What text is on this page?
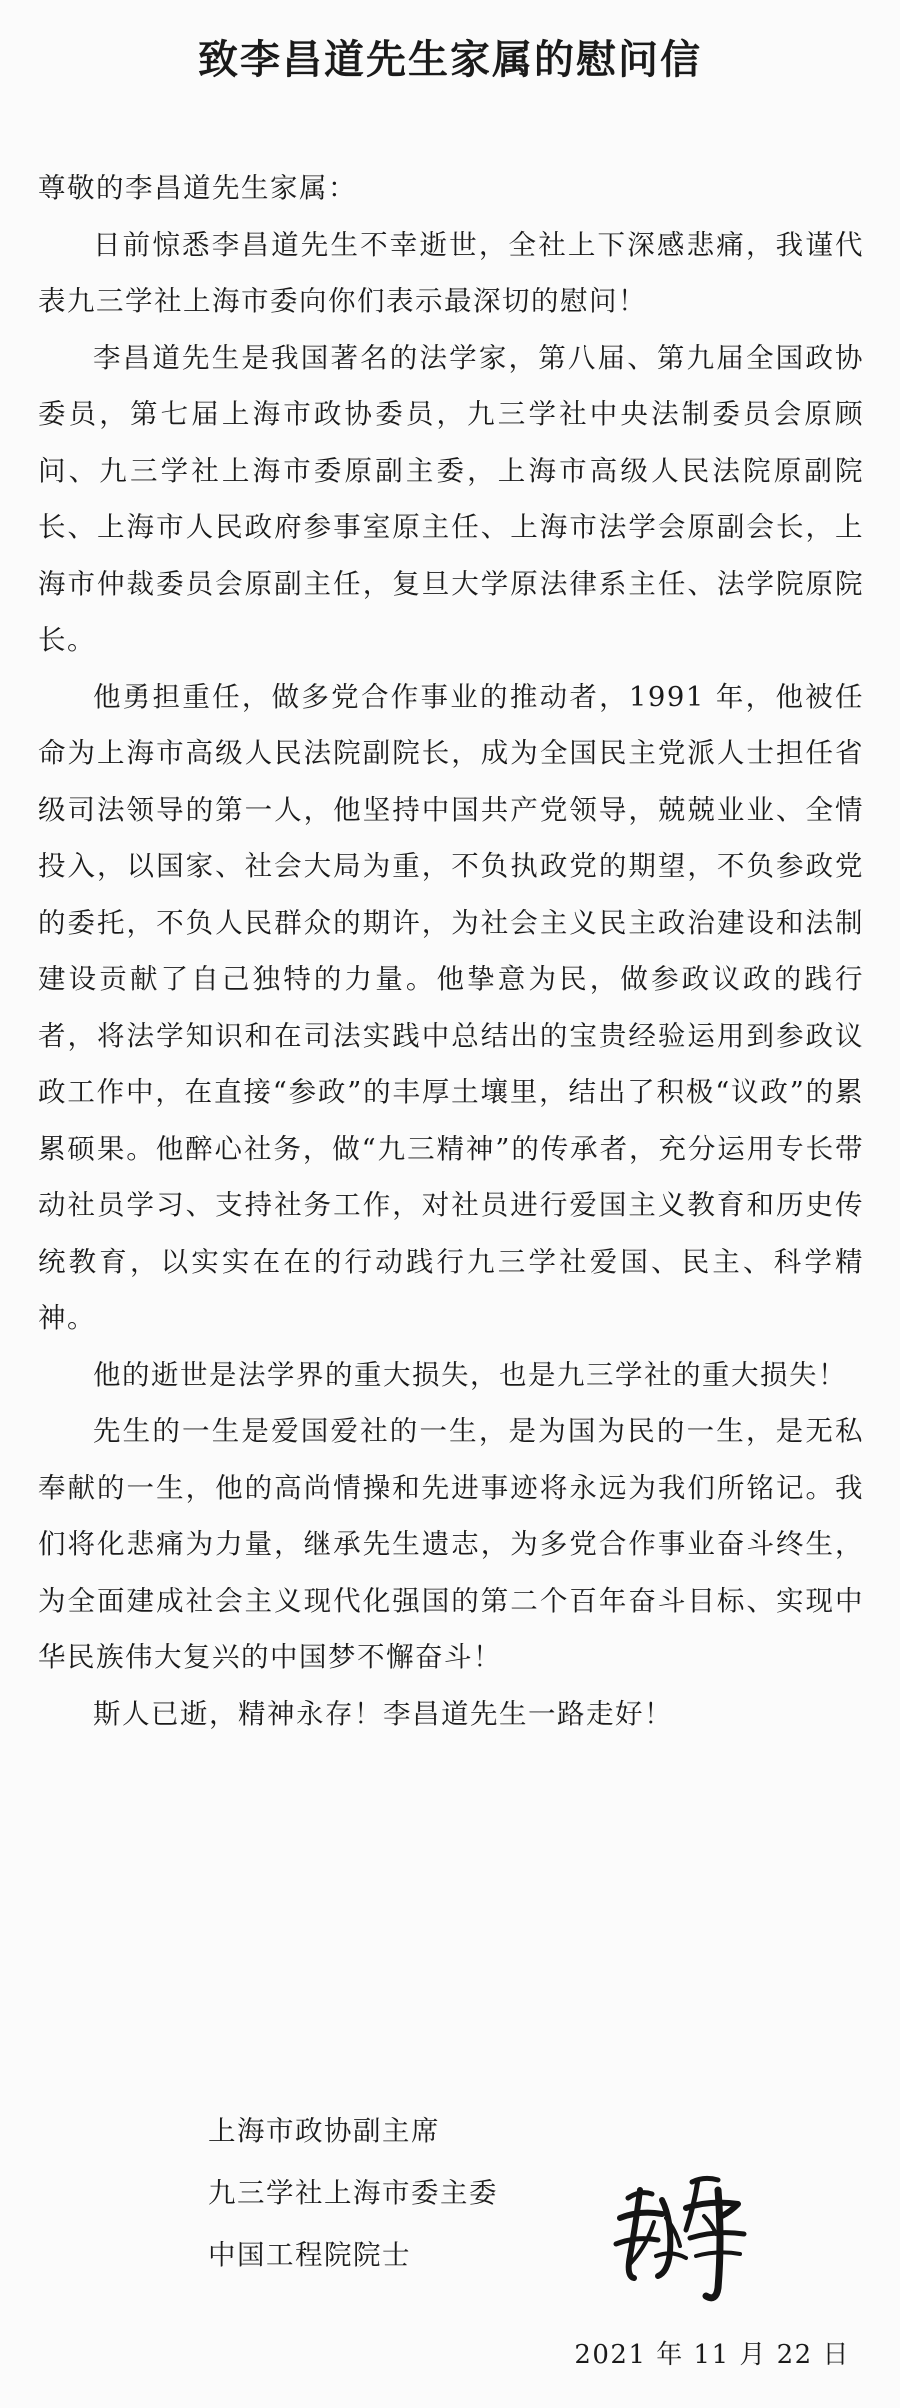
致李昌道先生家属的慰问信

尊敬的李昌道先生家属：

日前惊悉李昌道先生不幸逝世，全社上下深感悲痛，我谨代表九三学社上海市委向你们表示最深切的慰问！

李昌道先生是我国著名的法学家，第八届、第九届全国政协委员，第七届上海市政协委员，九三学社中央法制委员会原顾问、九三学社上海市委原副主委，上海市高级人民法院原副院长、上海市人民政府参事室原主任、上海市法学会原副会长，上海市仲裁委员会原副主任，复旦大学原法律系主任、法学院原院长。

他勇担重任，做多党合作事业的推动者，1991 年，他被任命为上海市高级人民法院副院长，成为全国民主党派人士担任省级司法领导的第一人，他坚持中国共产党领导，兢兢业业、全情投入，以国家、社会大局为重，不负执政党的期望，不负参政党的委托，不负人民群众的期许，为社会主义民主政治建设和法制建设贡献了自己独特的力量。他挚意为民，做参政议政的践行者，将法学知识和在司法实践中总结出的宝贵经验运用到参政议政工作中，在直接“参政”的丰厚土壤里，结出了积极“议政”的累累硕果。他醉心社务，做“九三精神”的传承者，充分运用专长带动社员学习、支持社务工作，对社员进行爱国主义教育和历史传统教育，以实实在在的行动践行九三学社爱国、民主、科学精神。

他的逝世是法学界的重大损失，也是九三学社的重大损失！

先生的一生是爱国爱社的一生，是为国为民的一生，是无私奉献的一生，他的高尚情操和先进事迹将永远为我们所铭记。我们将化悲痛为力量，继承先生遗志，为多党合作事业奋斗终生，为全面建成社会主义现代化强国的第二个百年奋斗目标、实现中华民族伟大复兴的中国梦不懈奋斗！

斯人已逝，精神永存！李昌道先生一路走好！

上海市政协副主席

九三学社上海市委主委

中国工程院院士

2021 年 11 月 22 日
